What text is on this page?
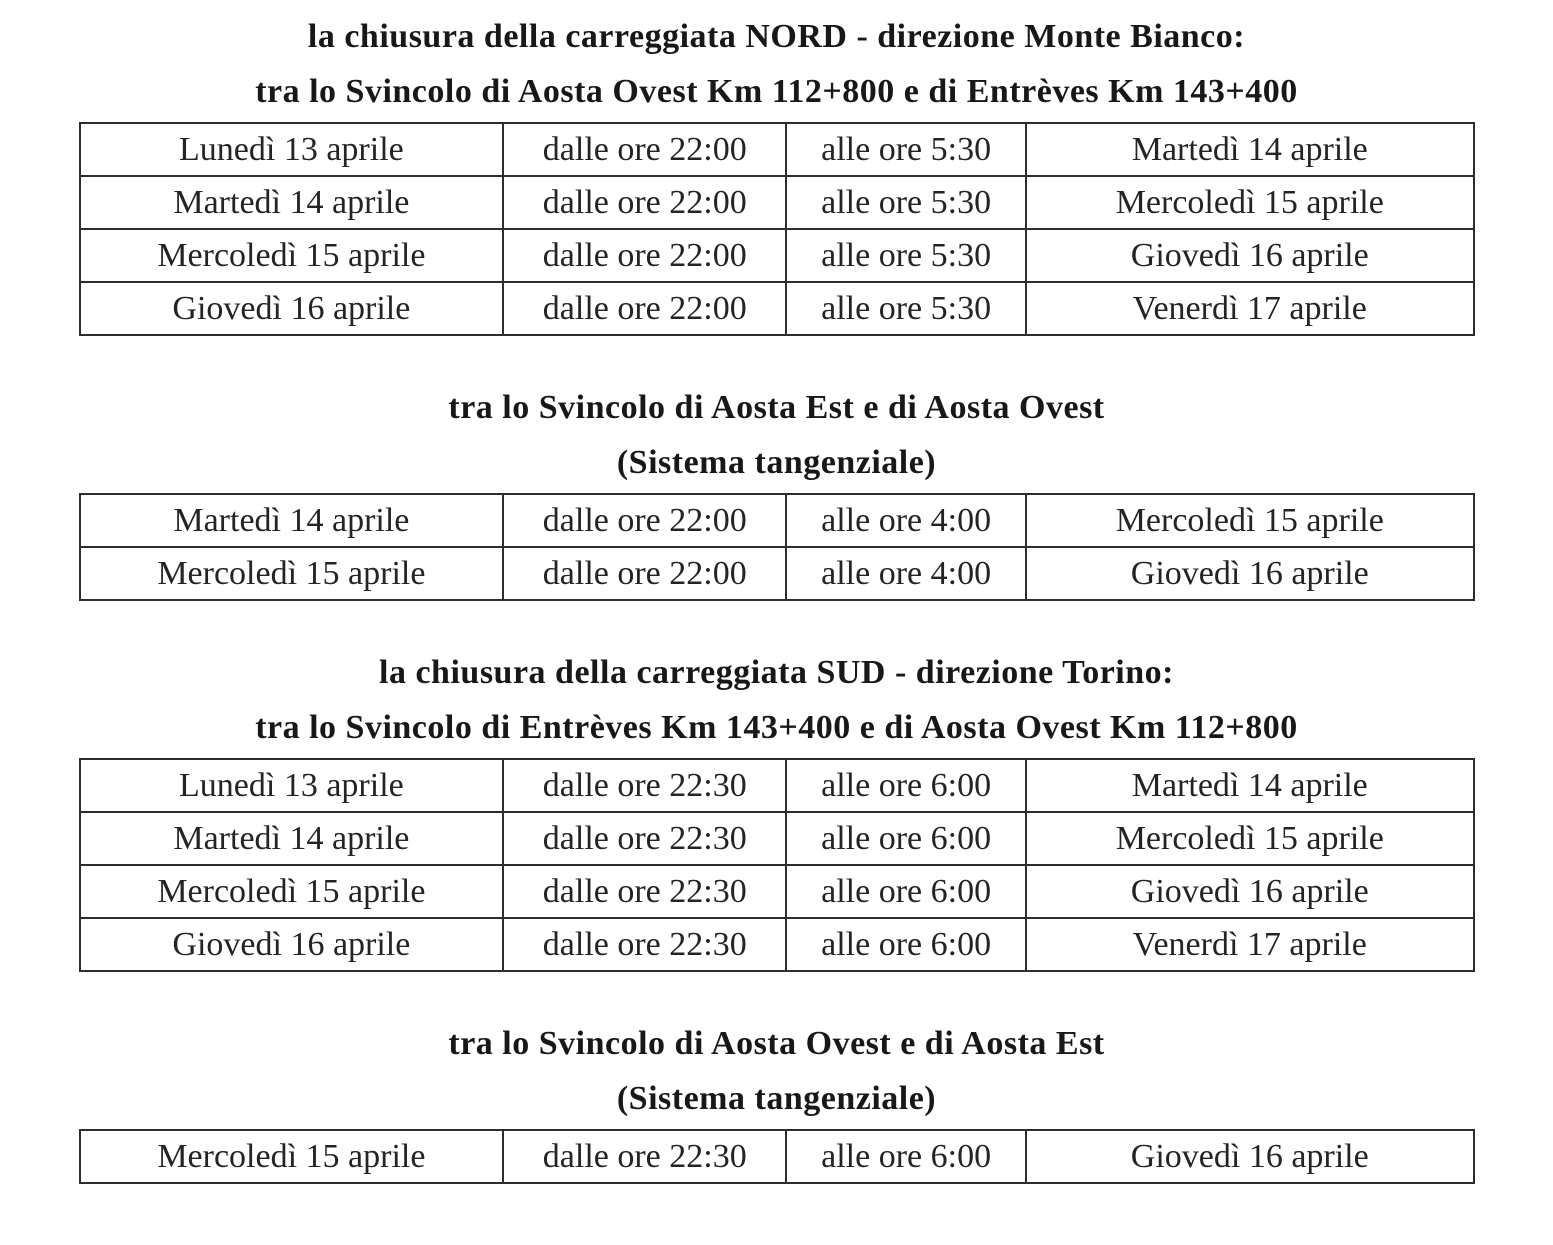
la chiusura della carreggiata NORD - direzione Monte Bianco:

tra lo Svincolo di Aosta Ovest Km 112+800 e di Entrèves Km 143+400

Lunedì 13 aprile	dalle ore 22:00	alle ore 5:30	Martedì 14 aprile
Martedì 14 aprile	dalle ore 22:00	alle ore 5:30	Mercoledì 15 aprile
Mercoledì 15 aprile	dalle ore 22:00	alle ore 5:30	Giovedì 16 aprile
Giovedì 16 aprile	dalle ore 22:00	alle ore 5:30	Venerdì 17 aprile

tra lo Svincolo di Aosta Est e di Aosta Ovest

(Sistema tangenziale)

Martedì 14 aprile	dalle ore 22:00	alle ore 4:00	Mercoledì 15 aprile
Mercoledì 15 aprile	dalle ore 22:00	alle ore 4:00	Giovedì 16 aprile

la chiusura della carreggiata SUD - direzione Torino:

tra lo Svincolo di Entrèves Km 143+400 e di Aosta Ovest Km 112+800

Lunedì 13 aprile	dalle ore 22:30	alle ore 6:00	Martedì 14 aprile
Martedì 14 aprile	dalle ore 22:30	alle ore 6:00	Mercoledì 15 aprile
Mercoledì 15 aprile	dalle ore 22:30	alle ore 6:00	Giovedì 16 aprile
Giovedì 16 aprile	dalle ore 22:30	alle ore 6:00	Venerdì 17 aprile

tra lo Svincolo di Aosta Ovest e di Aosta Est

(Sistema tangenziale)

Mercoledì 15 aprile	dalle ore 22:30	alle ore 6:00	Giovedì 16 aprile
